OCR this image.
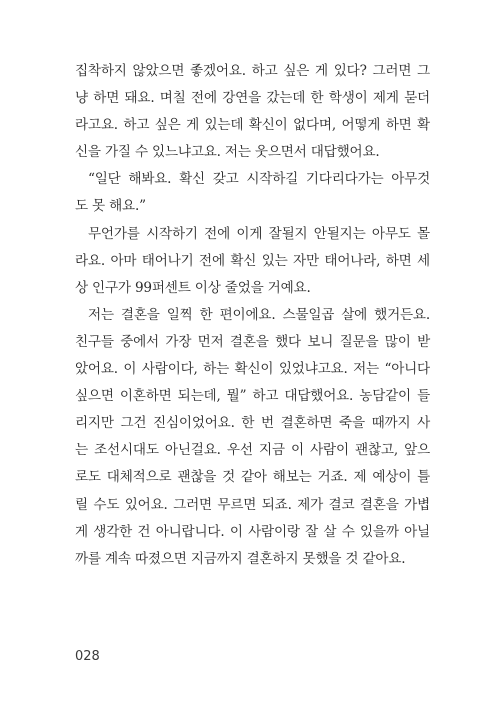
집착하지 않았으면 좋겠어요. 하고 싶은 게 있다? 그러면 그
냥 하면 돼요. 며칠 전에 강연을 갔는데 한 학생이 제게 묻더
라고요. 하고 싶은 게 있는데 확신이 없다며, 어떻게 하면 확
신을 가질 수 있느냐고요. 저는 웃으면서 대답했어요.
“일단 해봐요. 확신 갖고 시작하길 기다리다가는 아무것
도 못 해요.”
무언가를 시작하기 전에 이게 잘될지 안될지는 아무도 몰
라요. 아마 태어나기 전에 확신 있는 자만 태어나라, 하면 세
상 인구가 99퍼센트 이상 줄었을 거예요.
저는 결혼을 일찍 한 편이에요. 스물일곱 살에 했거든요.
친구들 중에서 가장 먼저 결혼을 했다 보니 질문을 많이 받
았어요. 이 사람이다, 하는 확신이 있었냐고요. 저는 “아니다
싶으면 이혼하면 되는데, 뭘” 하고 대답했어요. 농담같이 들
리지만 그건 진심이었어요. 한 번 결혼하면 죽을 때까지 사
는 조선시대도 아닌걸요. 우선 지금 이 사람이 괜찮고, 앞으
로도 대체적으로 괜찮을 것 같아 해보는 거죠. 제 예상이 틀
릴 수도 있어요. 그러면 무르면 되죠. 제가 결코 결혼을 가볍
게 생각한 건 아니랍니다. 이 사람이랑 잘 살 수 있을까 아닐
까를 계속 따졌으면 지금까지 결혼하지 못했을 것 같아요.
028
